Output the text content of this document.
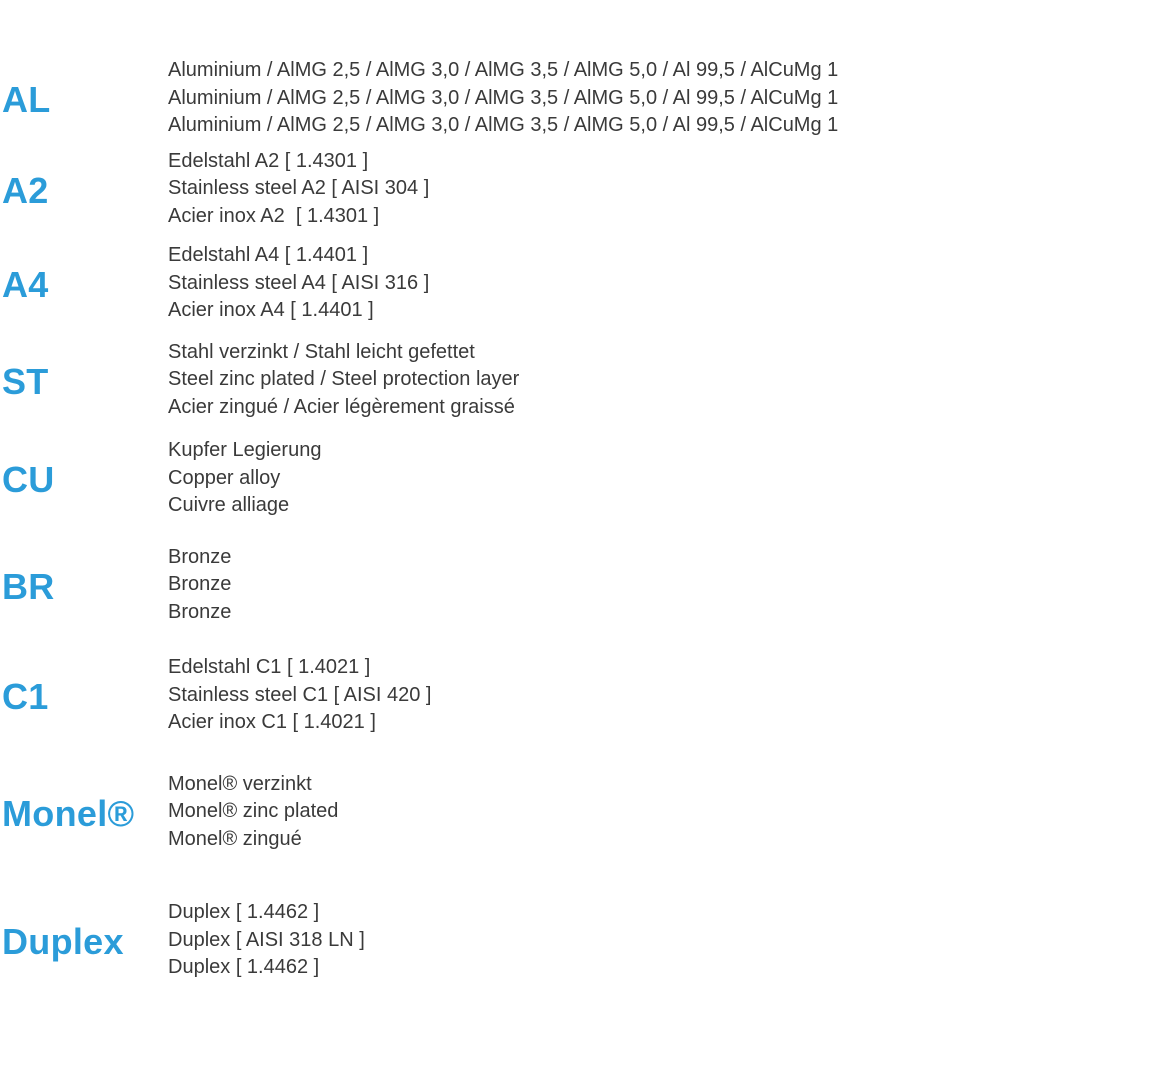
AL
Aluminium / AlMG 2,5 / AlMG 3,0 / AlMG 3,5 / AlMG 5,0 / Al 99,5 / AlCuMg 1
Aluminium / AlMG 2,5 / AlMG 3,0 / AlMG 3,5 / AlMG 5,0 / Al 99,5 / AlCuMg 1
Aluminium / AlMG 2,5 / AlMG 3,0 / AlMG 3,5 / AlMG 5,0 / Al 99,5 / AlCuMg 1
A2
Edelstahl A2 [ 1.4301 ]
Stainless steel A2 [ AISI 304 ]
Acier inox A2  [ 1.4301 ]
A4
Edelstahl A4 [ 1.4401 ]
Stainless steel A4 [ AISI 316 ]
Acier inox A4 [ 1.4401 ]
ST
Stahl verzinkt / Stahl leicht gefettet
Steel zinc plated / Steel protection layer
Acier zingué / Acier légèrement graissé
CU
Kupfer Legierung
Copper alloy
Cuivre alliage
BR
Bronze
Bronze
Bronze
C1
Edelstahl C1 [ 1.4021 ]
Stainless steel C1 [ AISI 420 ]
Acier inox C1 [ 1.4021 ]
Monel®
Monel® verzinkt
Monel® zinc plated
Monel® zingué
Duplex
Duplex [ 1.4462 ]
Duplex [ AISI 318 LN ]
Duplex [ 1.4462 ]
